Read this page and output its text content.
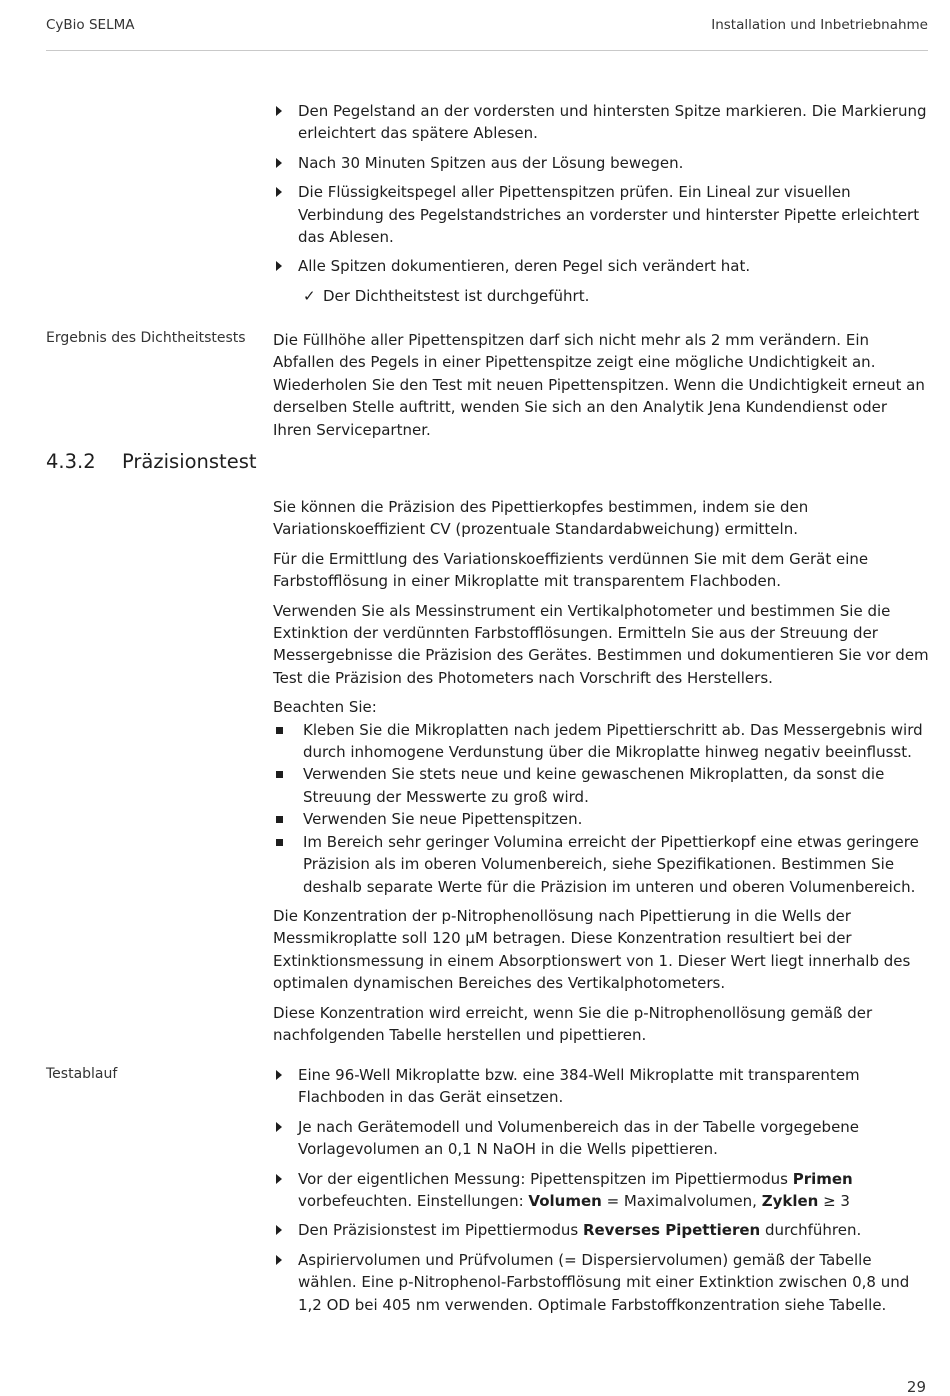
CyBio SELMA	Installation und Inbetriebnahme
Den Pegelstand an der vordersten und hintersten Spitze markieren. Die Markierung erleichtert das spätere Ablesen.
Nach 30 Minuten Spitzen aus der Lösung bewegen.
Die Flüssigkeitspegel aller Pipettenspitzen prüfen. Ein Lineal zur visuellen Verbindung des Pegelstandstriches an vorderster und hinterster Pipette erleichtert das Ablesen.
Alle Spitzen dokumentieren, deren Pegel sich verändert hat.
✓ Der Dichtheitstest ist durchgeführt.
Ergebnis des Dichtheitstests Die Füllhöhe aller Pipettenspitzen darf sich nicht mehr als 2 mm verändern. Ein Abfallen des Pegels in einer Pipettenspitze zeigt eine mögliche Undichtigkeit an. Wiederholen Sie den Test mit neuen Pipettenspitzen. Wenn die Undichtigkeit erneut an derselben Stelle auftritt, wenden Sie sich an den Analytik Jena Kundendienst oder Ihren Servicepartner.

4.3.2 Präzisionstest

Sie können die Präzision des Pipettierkopfes bestimmen, indem sie den Variationskoeffizient CV (prozentuale Standardabweichung) ermitteln.

Für die Ermittlung des Variationskoeffizients verdünnen Sie mit dem Gerät eine Farbstofflösung in einer Mikroplatte mit transparentem Flachboden.

Verwenden Sie als Messinstrument ein Vertikalphotometer und bestimmen Sie die Extinktion der verdünnten Farbstofflösungen. Ermitteln Sie aus der Streuung der Messergebnisse die Präzision des Gerätes. Bestimmen und dokumentieren Sie vor dem Test die Präzision des Photometers nach Vorschrift des Herstellers.

Beachten Sie:

Kleben Sie die Mikroplatten nach jedem Pipettierschritt ab. Das Messergebnis wird durch inhomogene Verdunstung über die Mikroplatte hinweg negativ beeinflusst.
Verwenden Sie stets neue und keine gewaschenen Mikroplatten, da sonst die Streuung der Messwerte zu groß wird.
Verwenden Sie neue Pipettenspitzen.
Im Bereich sehr geringer Volumina erreicht der Pipettierkopf eine etwas geringere Präzision als im oberen Volumenbereich, siehe Spezifikationen. Bestimmen Sie deshalb separate Werte für die Präzision im unteren und oberen Volumenbereich.

Die Konzentration der p-Nitrophenollösung nach Pipettierung in die Wells der Messmikroplatte soll 120 µM betragen. Diese Konzentration resultiert bei der Extinktionsmessung in einem Absorptionswert von 1. Dieser Wert liegt innerhalb des optimalen dynamischen Bereiches des Vertikalphotometers.

Diese Konzentration wird erreicht, wenn Sie die p-Nitrophenollösung gemäß der nachfolgenden Tabelle herstellen und pipettieren.

Testablauf	Eine 96-Well Mikroplatte bzw. eine 384-Well Mikroplatte mit transparentem Flachboden in das Gerät einsetzen.
Je nach Gerätemodell und Volumenbereich das in der Tabelle vorgegebene Vorlagevolumen an 0,1 N NaOH in die Wells pipettieren.
Vor der eigentlichen Messung: Pipettenspitzen im Pipettiermodus Primen vorbefeuchten. Einstellungen: Volumen = Maximalvolumen, Zyklen ≥ 3
Den Präzisionstest im Pipettiermodus Reverses Pipettieren durchführen.
Aspiriervolumen und Prüfvolumen (= Dispersiervolumen) gemäß der Tabelle wählen. Eine p-Nitrophenol-Farbstofflösung mit einer Extinktion zwischen 0,8 und 1,2 OD bei 405 nm verwenden. Optimale Farbstoffkonzentration siehe Tabelle.
29
